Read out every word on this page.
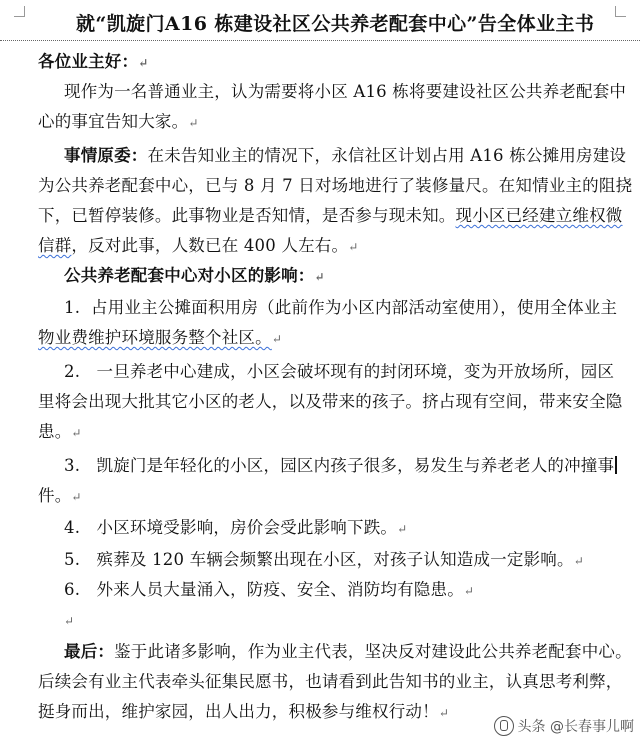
就“凯旋门A16 栋建设社区公共养老配套中心”告全体业主书
各位业主好：↵
现作为一名普通业主，认为需要将小区 A16 栋将要建设社区公共养老配套中
心的事宜告知大家。↵
事情原委：在未告知业主的情况下，永信社区计划占用 A16 栋公摊用房建设
为公共养老配套中心，已与 8 月 7 日对场地进行了装修量尺。在知情业主的阻挠
下，已暂停装修。此事物业是否知情，是否参与现未知。现小区已经建立维权微
信群，反对此事，人数已在 400 人左右。↵
公共养老配套中心对小区的影响：↵
1. 占用业主公摊面积用房（此前作为小区内部活动室使用），使用全体业主
物业费维护环境服务整个社区。↵
2. 一旦养老中心建成，小区会破坏现有的封闭环境，变为开放场所，园区
里将会出现大批其它小区的老人，以及带来的孩子。挤占现有空间，带来安全隐
患。↵
3. 凯旋门是年轻化的小区，园区内孩子很多，易发生与养老老人的冲撞事
件。↵
4. 小区环境受影响，房价会受此影响下跌。↵
5. 殡葬及 120 车辆会频繁出现在小区，对孩子认知造成一定影响。↵
6. 外来人员大量涌入，防疫、安全、消防均有隐患。↵
↵
最后：鉴于此诸多影响，作为业主代表，坚决反对建设此公共养老配套中心。
后续会有业主代表牵头征集民愿书，也请看到此告知书的业主，认真思考利弊，
挺身而出，维护家园，出人出力，积极参与维权行动！↵
头条 @长春事儿啊
